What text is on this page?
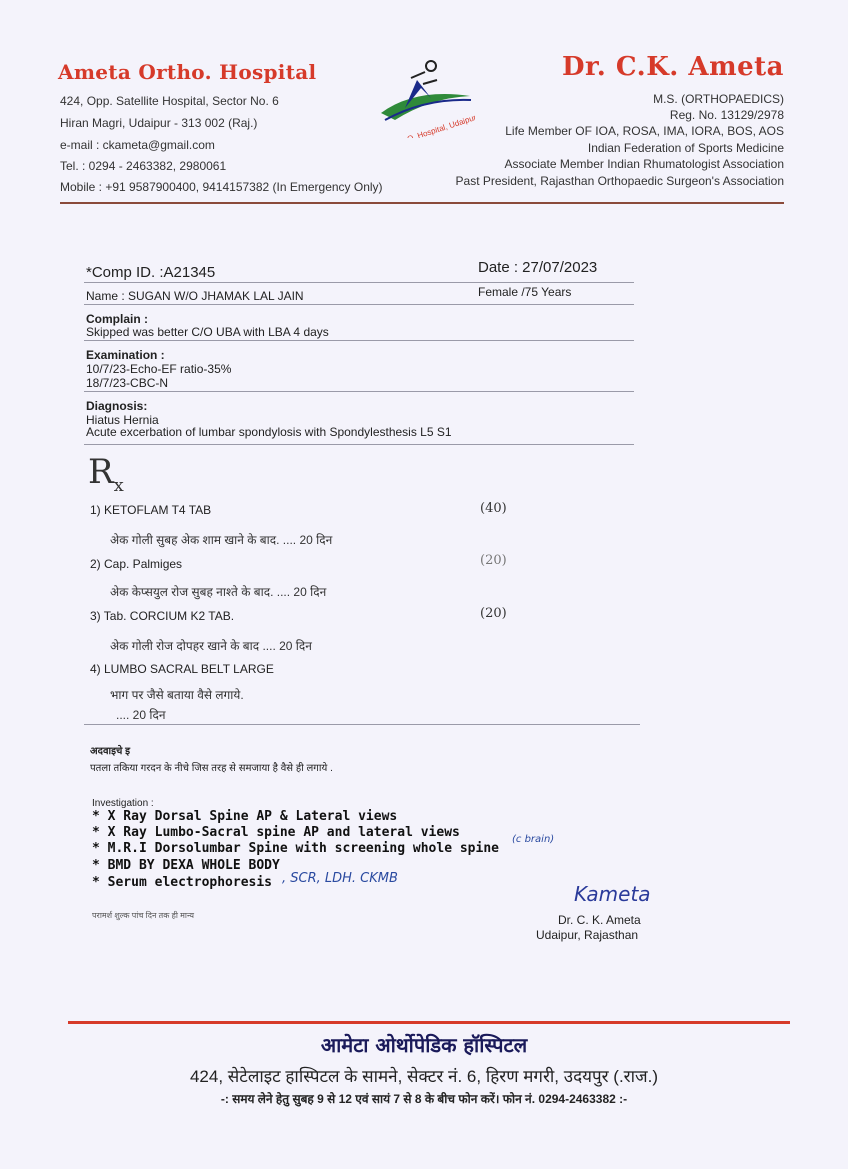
Ameta Ortho. Hospital
424, Opp. Satellite Hospital, Sector No. 6
Hiran Magri, Udaipur - 313 002 (Raj.)
e-mail : ckameta@gmail.com
Tel. : 0294 - 2463382, 2980061
Mobile : +91 9587900400, 9414157382 (In Emergency Only)
A. O. Hospital, Udaipur
Dr. C.K. Ameta
M.S. (ORTHOPAEDICS)
Reg. No. 13129/2978
Life Member OF IOA, ROSA, IMA, IORA, BOS, AOS
Indian Federation of Sports Medicine
Associate Member Indian Rhumatologist Association
Past President, Rajasthan Orthopaedic Surgeon's Association
*Comp ID. :A21345	Date : 27/07/2023
Name : SUGAN W/O JHAMAK LAL JAIN	Female /75 Years
Complain :
Skipped was better C/O UBA with LBA 4 days
Examination :
10/7/23-Echo-EF ratio-35%
18/7/23-CBC-N
Diagnosis:
Hiatus Hernia
Acute excerbation of lumbar spondylosis with Spondylesthesis L5 S1
$R_x$
1) KETOFLAM T4 TAB	(40)
अेक गोली सुबह अेक शाम खाने के बाद. .... 20 दिन
2) Cap. Palmiges	(20)
अेक केप्सयुल रोज सुबह नाश्ते के बाद. .... 20 दिन
3) Tab. CORCIUM K2 TAB.	(20)
अेक गोली रोज दोपहर खाने के बाद .... 20 दिन
4) LUMBO SACRAL BELT LARGE
भाग पर जैसे बताया वैसे लगाये.
.... 20 दिन
अदवाइचे इ
पतला तकिया गरदन के नीचे जिस तरह से समजाया है वैसे ही लगाये .
Investigation :
* X Ray Dorsal Spine AP & Lateral views
* X Ray Lumbo-Sacral spine AP and lateral views
* M.R.I Dorsolumbar Spine with screening whole spine
(c brain)
* BMD BY DEXA WHOLE BODY
* Serum electrophoresis , SCR, LDH. CKMB
परामर्श शुल्क पांच दिन तक ही मान्य
Kameta
Dr. C. K. Ameta
Udaipur, Rajasthan
आमेटा ओर्थोपेडिक हॉस्पिटल
424, सेटेलाइट हास्पिटल के सामने, सेक्टर नं. 6, हिरण मगरी, उदयपुर (.राज.)
-: समय लेने हेतु सुबह 9 से 12 एवं सायं 7 से 8 के बीच फोन करें। फोन नं. 0294-2463382 :-
